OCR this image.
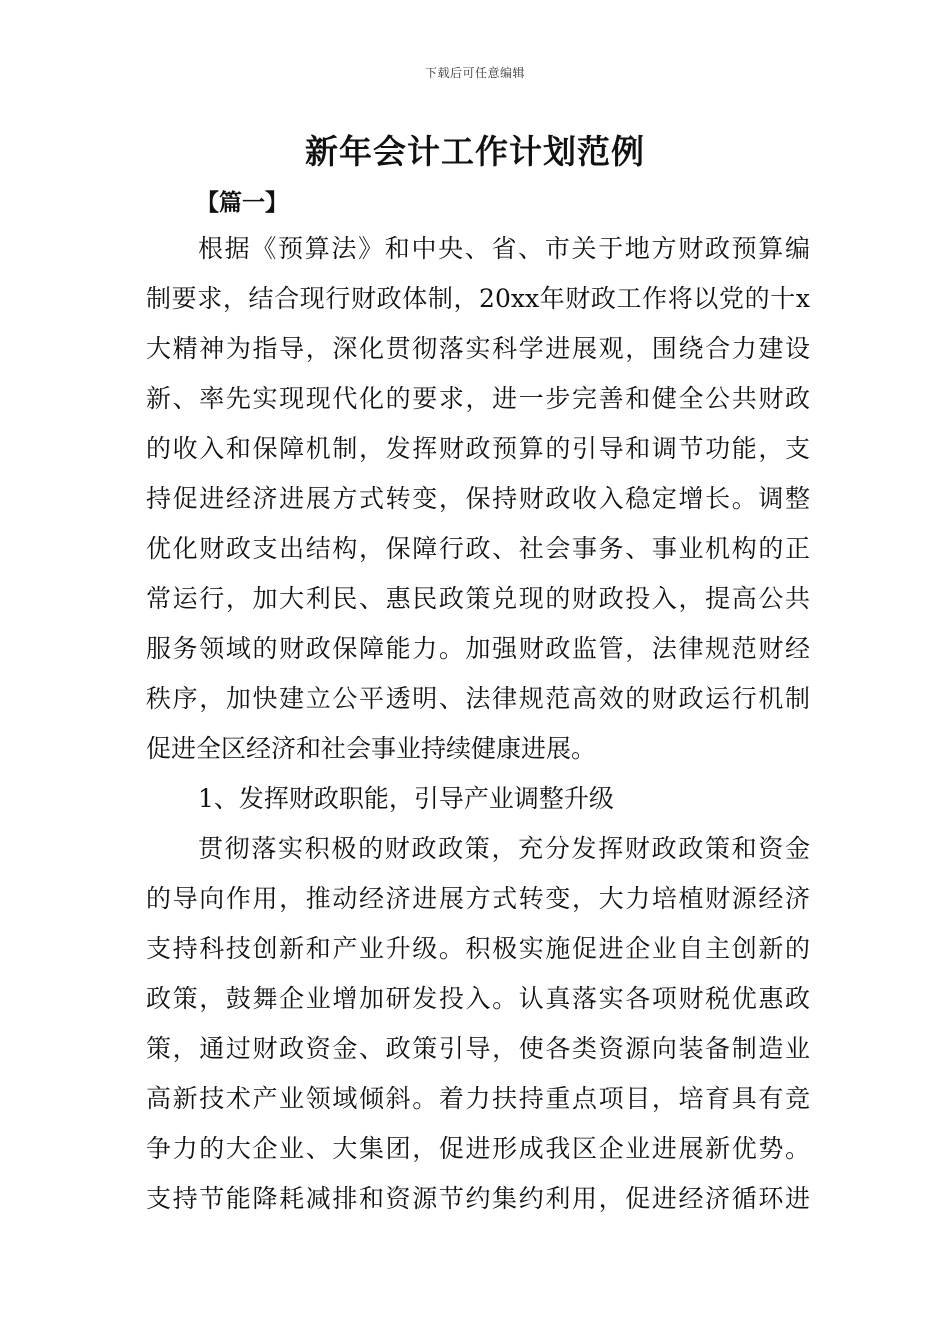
下载后可任意编辑
新年会计工作计划范例
【篇一】
根据《预算法》和中央、省、市关于地方财政预算编
制要求，结合现行财政体制，20xx年财政工作将以党的十x
大精神为指导，深化贯彻落实科学进展观，围绕合力建设
新、率先实现现代化的要求，进一步完善和健全公共财政
的收入和保障机制，发挥财政预算的引导和调节功能，支
持促进经济进展方式转变，保持财政收入稳定增长。调整
优化财政支出结构，保障行政、社会事务、事业机构的正
常运行，加大利民、惠民政策兑现的财政投入，提高公共
服务领域的财政保障能力。加强财政监管，法律规范财经
秩序，加快建立公平透明、法律规范高效的财政运行机制
促进全区经济和社会事业持续健康进展。
1、发挥财政职能，引导产业调整升级
贯彻落实积极的财政政策，充分发挥财政政策和资金
的导向作用，推动经济进展方式转变，大力培植财源经济
支持科技创新和产业升级。积极实施促进企业自主创新的
政策，鼓舞企业增加研发投入。认真落实各项财税优惠政
策，通过财政资金、政策引导，使各类资源向装备制造业
高新技术产业领域倾斜。着力扶持重点项目，培育具有竞
争力的大企业、大集团，促进形成我区企业进展新优势。
支持节能降耗减排和资源节约集约利用，促进经济循环进
